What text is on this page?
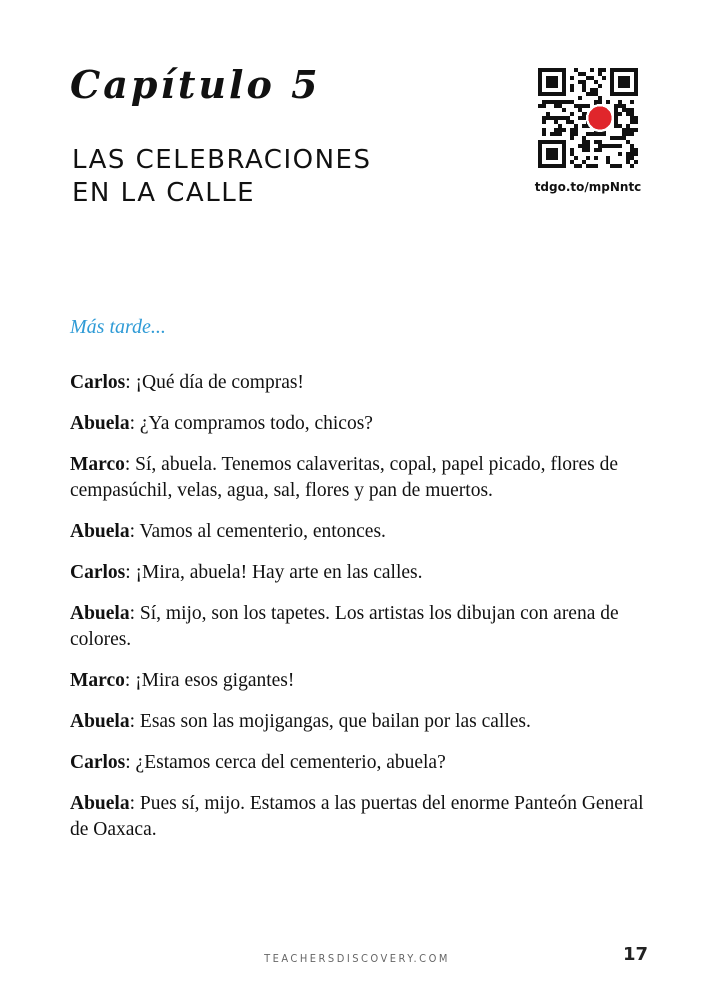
Capítulo 5
LAS CELEBRACIONES
EN LA CALLE	tdgo.to/mpNntc
Más tarde...

Carlos: ¡Qué día de compras!

Abuela: ¿Ya compramos todo, chicos?

Marco: Sí, abuela. Tenemos calaveritas, copal, papel picado, flores de cempasúchil, velas, agua, sal, flores y pan de muertos.

Abuela: Vamos al cementerio, entonces.

Carlos: ¡Mira, abuela! Hay arte en las calles.

Abuela: Sí, mijo, son los tapetes. Los artistas los dibujan con arena de colores.

Marco: ¡Mira esos gigantes!

Abuela: Esas son las mojigangas, que bailan por las calles.

Carlos: ¿Estamos cerca del cementerio, abuela?

Abuela: Pues sí, mijo. Estamos a las puertas del enorme Panteón General de Oaxaca.

TEACHERSDISCOVERY.COM	17
